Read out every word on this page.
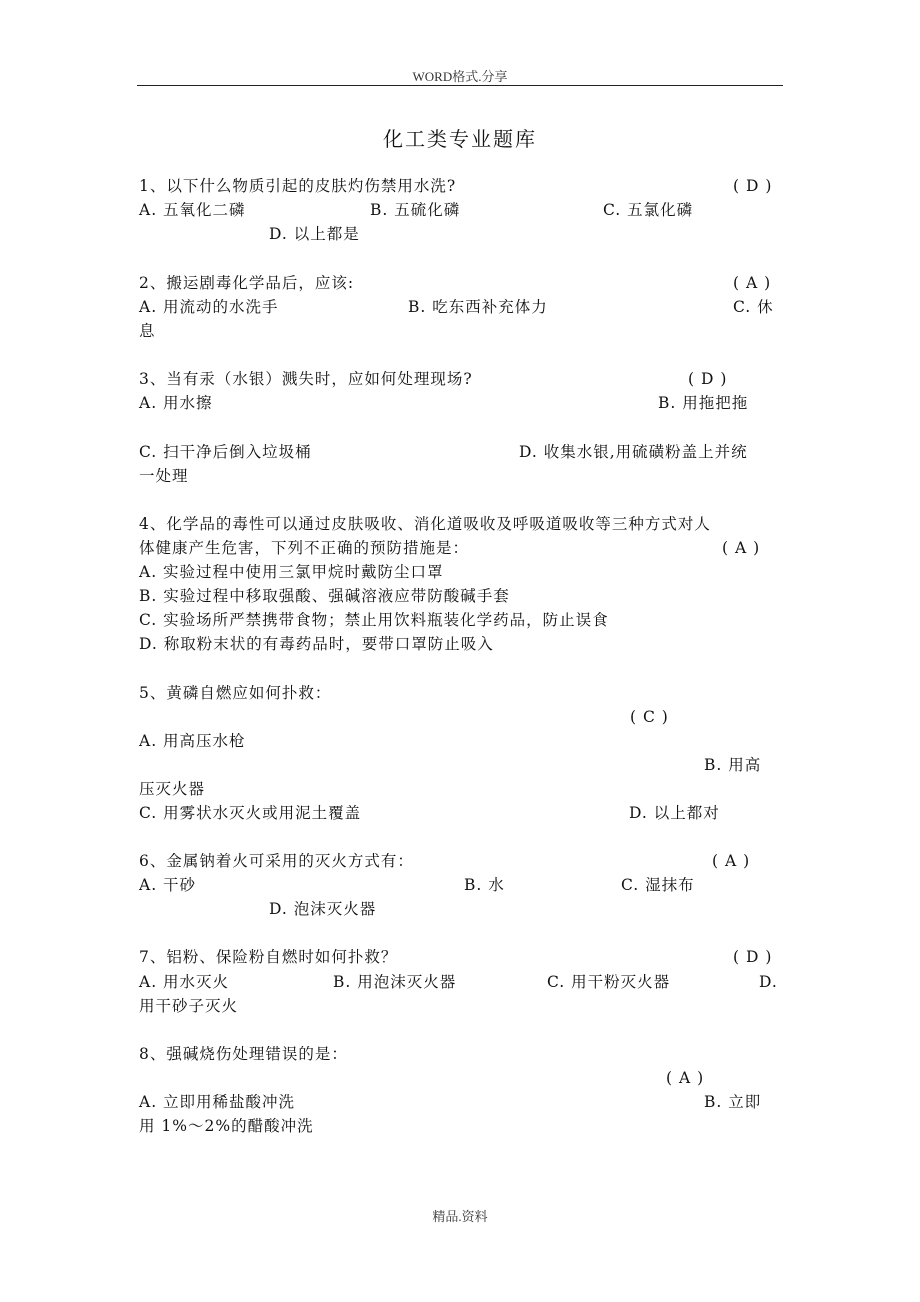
WORD格式.分享
化工类专业题库
1、以下什么物质引起的皮肤灼伤禁用水洗?	( D )
A. 五氧化二磷	B. 五硫化磷	C. 五氯化磷
D. 以上都是
2、搬运剧毒化学品后，应该:	( A )
A. 用流动的水洗手	B. 吃东西补充体力	C. 休
息
3、当有汞（水银）溅失时，应如何处理现场?	( D )
A. 用水擦	B. 用拖把拖
C. 扫干净后倒入垃圾桶	D. 收集水银,用硫磺粉盖上并统
一处理
4、化学品的毒性可以通过皮肤吸收、消化道吸收及呼吸道吸收等三种方式对人
体健康产生危害，下列不正确的预防措施是：	( A )
A. 实验过程中使用三氯甲烷时戴防尘口罩
B. 实验过程中移取强酸、强碱溶液应带防酸碱手套
C. 实验场所严禁携带食物；禁止用饮料瓶装化学药品，防止误食
D. 称取粉末状的有毒药品时，要带口罩防止吸入
5、黄磷自燃应如何扑救：
( C )
A. 用高压水枪
B. 用高
压灭火器
C. 用雾状水灭火或用泥土覆盖	D. 以上都对
6、金属钠着火可采用的灭火方式有：	( A )
A. 干砂	B. 水	C. 湿抹布
D. 泡沫灭火器
7、铝粉、保险粉自燃时如何扑救？	( D )
A. 用水灭火	B. 用泡沫灭火器	C. 用干粉灭火器	D.
用干砂子灭火
8、强碱烧伤处理错误的是：
( A )
A. 立即用稀盐酸冲洗	B. 立即
用 1%～2%的醋酸冲洗
精品.资料
